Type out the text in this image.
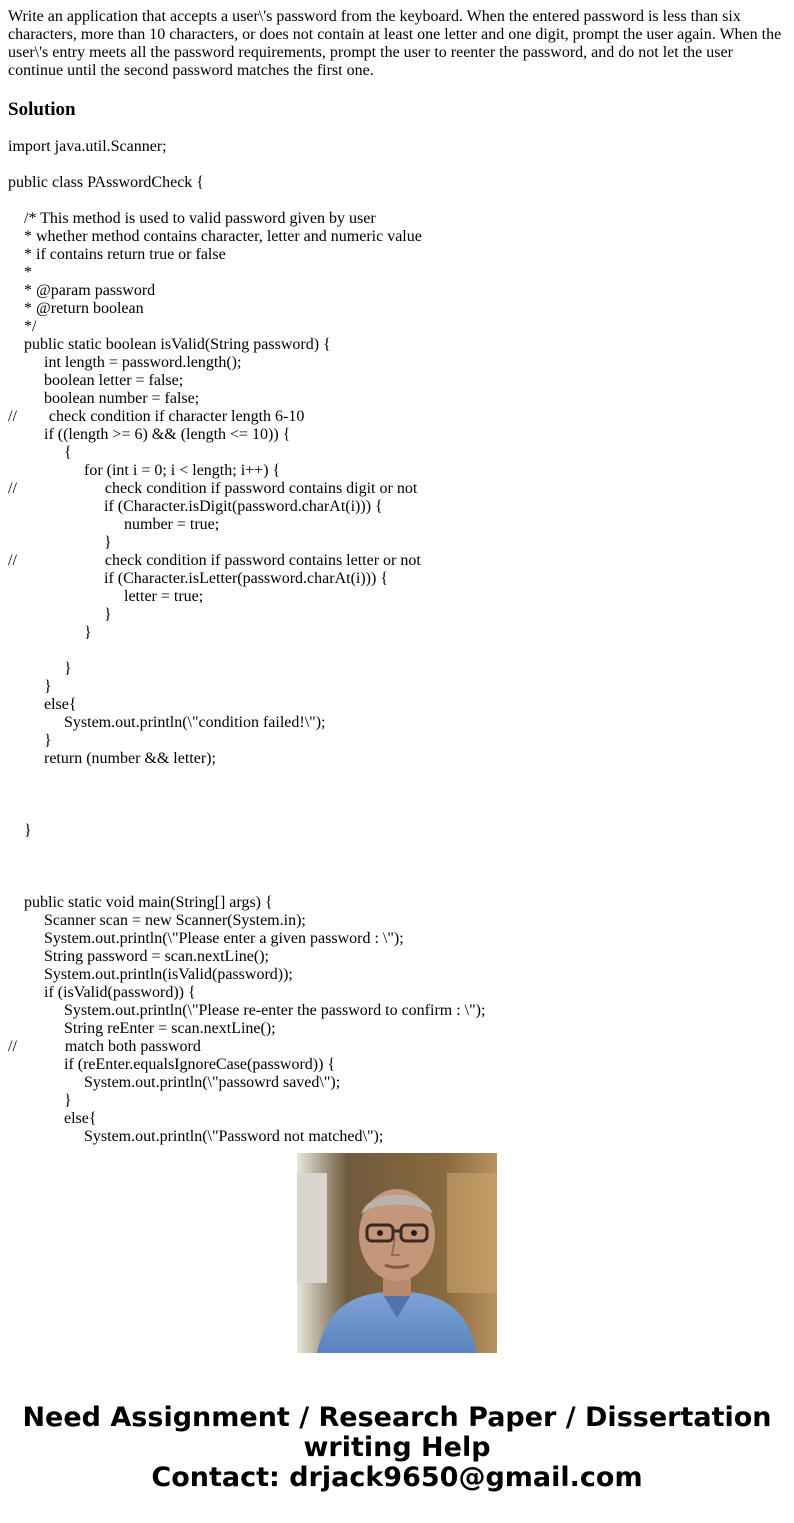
Write an application that accepts a user\'s password from the keyboard. When the entered password is less than six characters, more than 10 characters, or does not contain at least one letter and one digit, prompt the user again. When the user\'s entry meets all the password requirements, prompt the user to reenter the password, and do not let the user continue until the second password matches the first one.

Solution
import java.util.Scanner;
public class PAsswordCheck {
/* This method is used to valid password given by user
* whether method contains character, letter and numeric value
* if contains return true or false
*
* @param password
* @return boolean
*/
public static boolean isValid(String password) {
int length = password.length();
boolean letter = false;
boolean number = false;
//        check condition if character length 6-10
if ((length >= 6) && (length <= 10)) {
{
for (int i = 0; i < length; i++) {
//                      check condition if password contains digit or not
if (Character.isDigit(password.charAt(i))) {
number = true;
}
//                      check condition if password contains letter or not
if (Character.isLetter(password.charAt(i))) {
letter = true;
}
}
}
}
else{
System.out.println(\"condition failed!\");
}
return (number && letter);
}
public static void main(String[] args) {
Scanner scan = new Scanner(System.in);
System.out.println(\"Please enter a given password : \");
String password = scan.nextLine();
System.out.println(isValid(password));
if (isValid(password)) {
System.out.println(\"Please re-enter the password to confirm : \");
String reEnter = scan.nextLine();
//            match both password
if (reEnter.equalsIgnoreCase(password)) {
System.out.println(\"passowrd saved\");
}
else{
System.out.println(\"Password not matched\");
Need Assignment / Research Paper / Dissertation
writing Help
Contact: drjack9650@gmail.com
